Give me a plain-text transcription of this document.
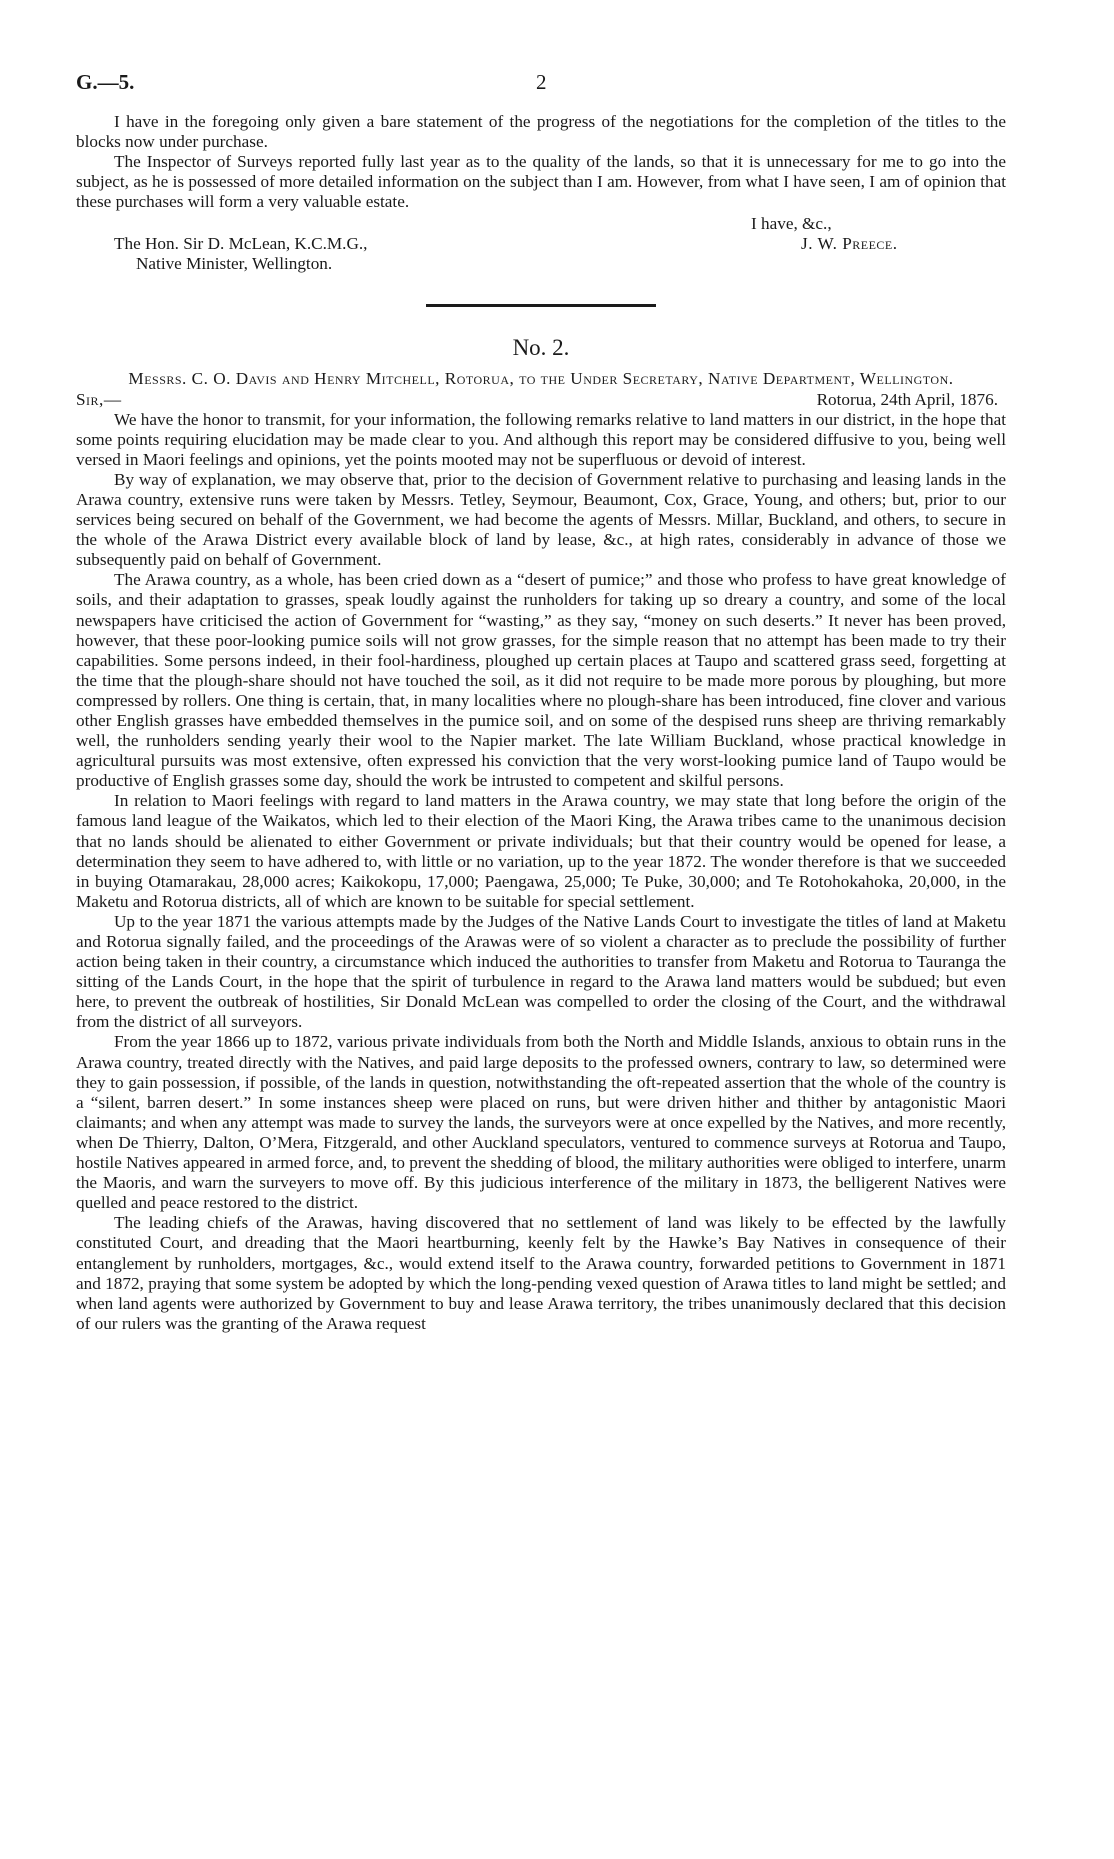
G.—5.	2

I have in the foregoing only given a bare statement of the progress of the negotiations for the completion of the titles to the blocks now under purchase.

The Inspector of Surveys reported fully last year as to the quality of the lands, so that it is unnecessary for me to go into the subject, as he is possessed of more detailed information on the subject than I am. However, from what I have seen, I am of opinion that these purchases will form a very valuable estate.

I have, &c.,
J. W. Preece.
The Hon. Sir D. McLean, K.C.M.G.,
Native Minister, Wellington.
No. 2.
Messrs. C. O. Davis and Henry Mitchell, Rotorua, to the Under Secretary, Native Department, Wellington.
Sir,—	Rotorua, 24th April, 1876.

We have the honor to transmit, for your information, the following remarks relative to land matters in our district, in the hope that some points requiring elucidation may be made clear to you. And although this report may be considered diffusive to you, being well versed in Maori feelings and opinions, yet the points mooted may not be superfluous or devoid of interest.

By way of explanation, we may observe that, prior to the decision of Government relative to purchasing and leasing lands in the Arawa country, extensive runs were taken by Messrs. Tetley, Seymour, Beaumont, Cox, Grace, Young, and others; but, prior to our services being secured on behalf of the Government, we had become the agents of Messrs. Millar, Buckland, and others, to secure in the whole of the Arawa District every available block of land by lease, &c., at high rates, considerably in advance of those we subsequently paid on behalf of Government.

The Arawa country, as a whole, has been cried down as a “desert of pumice;” and those who profess to have great knowledge of soils, and their adaptation to grasses, speak loudly against the runholders for taking up so dreary a country, and some of the local newspapers have criticised the action of Government for “wasting,” as they say, “money on such deserts.” It never has been proved, however, that these poor-looking pumice soils will not grow grasses, for the simple reason that no attempt has been made to try their capabilities. Some persons indeed, in their fool-hardiness, ploughed up certain places at Taupo and scattered grass seed, forgetting at the time that the plough-share should not have touched the soil, as it did not require to be made more porous by ploughing, but more compressed by rollers. One thing is certain, that, in many localities where no plough-share has been introduced, fine clover and various other English grasses have embedded themselves in the pumice soil, and on some of the despised runs sheep are thriving remarkably well, the runholders sending yearly their wool to the Napier market. The late William Buckland, whose practical knowledge in agricultural pursuits was most extensive, often expressed his conviction that the very worst-looking pumice land of Taupo would be productive of English grasses some day, should the work be intrusted to competent and skilful persons.

In relation to Maori feelings with regard to land matters in the Arawa country, we may state that long before the origin of the famous land league of the Waikatos, which led to their election of the Maori King, the Arawa tribes came to the unanimous decision that no lands should be alienated to either Government or private individuals; but that their country would be opened for lease, a determination they seem to have adhered to, with little or no variation, up to the year 1872. The wonder therefore is that we succeeded in buying Otamarakau, 28,000 acres; Kaikokopu, 17,000; Paengawa, 25,000; Te Puke, 30,000; and Te Rotohokahoka, 20,000, in the Maketu and Rotorua districts, all of which are known to be suitable for special settlement.

Up to the year 1871 the various attempts made by the Judges of the Native Lands Court to investigate the titles of land at Maketu and Rotorua signally failed, and the proceedings of the Arawas were of so violent a character as to preclude the possibility of further action being taken in their country, a circumstance which induced the authorities to transfer from Maketu and Rotorua to Tauranga the sitting of the Lands Court, in the hope that the spirit of turbulence in regard to the Arawa land matters would be subdued; but even here, to prevent the outbreak of hostilities, Sir Donald McLean was compelled to order the closing of the Court, and the withdrawal from the district of all surveyors.

From the year 1866 up to 1872, various private individuals from both the North and Middle Islands, anxious to obtain runs in the Arawa country, treated directly with the Natives, and paid large deposits to the professed owners, contrary to law, so determined were they to gain possession, if possible, of the lands in question, notwithstanding the oft-repeated assertion that the whole of the country is a “silent, barren desert.” In some instances sheep were placed on runs, but were driven hither and thither by antagonistic Maori claimants; and when any attempt was made to survey the lands, the surveyors were at once expelled by the Natives, and more recently, when De Thierry, Dalton, O’Mera, Fitzgerald, and other Auckland speculators, ventured to commence surveys at Rotorua and Taupo, hostile Natives appeared in armed force, and, to prevent the shedding of blood, the military authorities were obliged to interfere, unarm the Maoris, and warn the surveyers to move off. By this judicious interference of the military in 1873, the belligerent Natives were quelled and peace restored to the district.

The leading chiefs of the Arawas, having discovered that no settlement of land was likely to be effected by the lawfully constituted Court, and dreading that the Maori heartburning, keenly felt by the Hawke’s Bay Natives in consequence of their entanglement by runholders, mortgages, &c., would extend itself to the Arawa country, forwarded petitions to Government in 1871 and 1872, praying that some system be adopted by which the long-pending vexed question of Arawa titles to land might be settled; and when land agents were authorized by Government to buy and lease Arawa territory, the tribes unanimously declared that this decision of our rulers was the granting of the Arawa request
